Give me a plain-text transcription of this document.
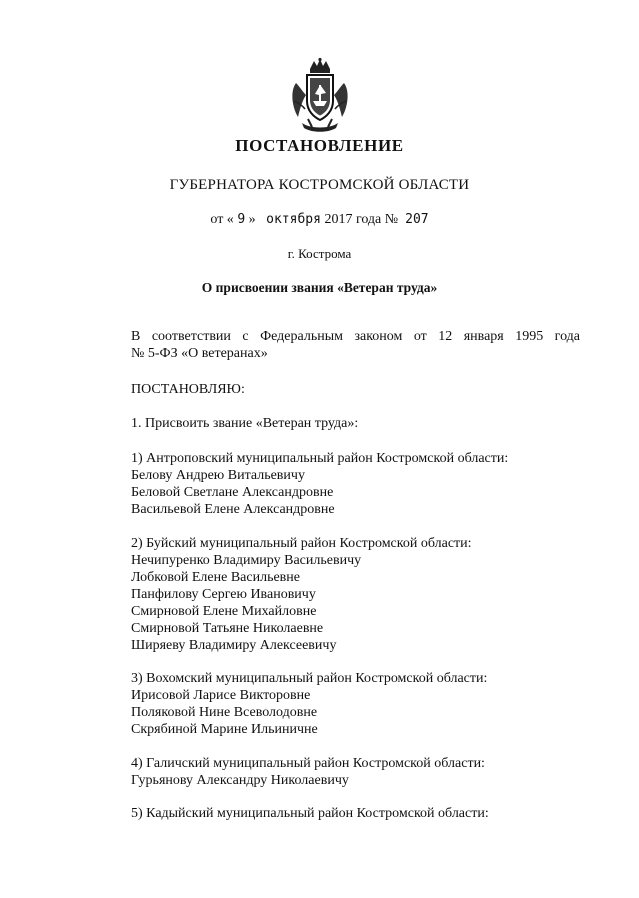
ПОСТАНОВЛЕНИЕ
ГУБЕРНАТОРА КОСТРОМСКОЙ ОБЛАСТИ
от « 9 » октября 2017 года № 207
г. Кострома
О присвоении звания «Ветеран труда»
В соответствии с Федеральным законом от 12 января 1995 года
№ 5-ФЗ «О ветеранах»
ПОСТАНОВЛЯЮ:
1. Присвоить звание «Ветеран труда»:
1) Антроповский муниципальный район Костромской области:
Белову Андрею Витальевичу
Беловой Светлане Александровне
Васильевой Елене Александровне
2) Буйский муниципальный район Костромской области:
Нечипуренко Владимиру Васильевичу
Лобковой Елене Васильевне
Панфилову Сергею Ивановичу
Смирновой Елене Михайловне
Смирновой Татьяне Николаевне
Ширяеву Владимиру Алексеевичу
3) Вохомский муниципальный район Костромской области:
Ирисовой Ларисе Викторовне
Поляковой Нине Всеволодовне
Скрябиной Марине Ильиничне
4) Галичский муниципальный район Костромской области:
Гурьянову Александру Николаевичу
5) Кадыйский муниципальный район Костромской области:
